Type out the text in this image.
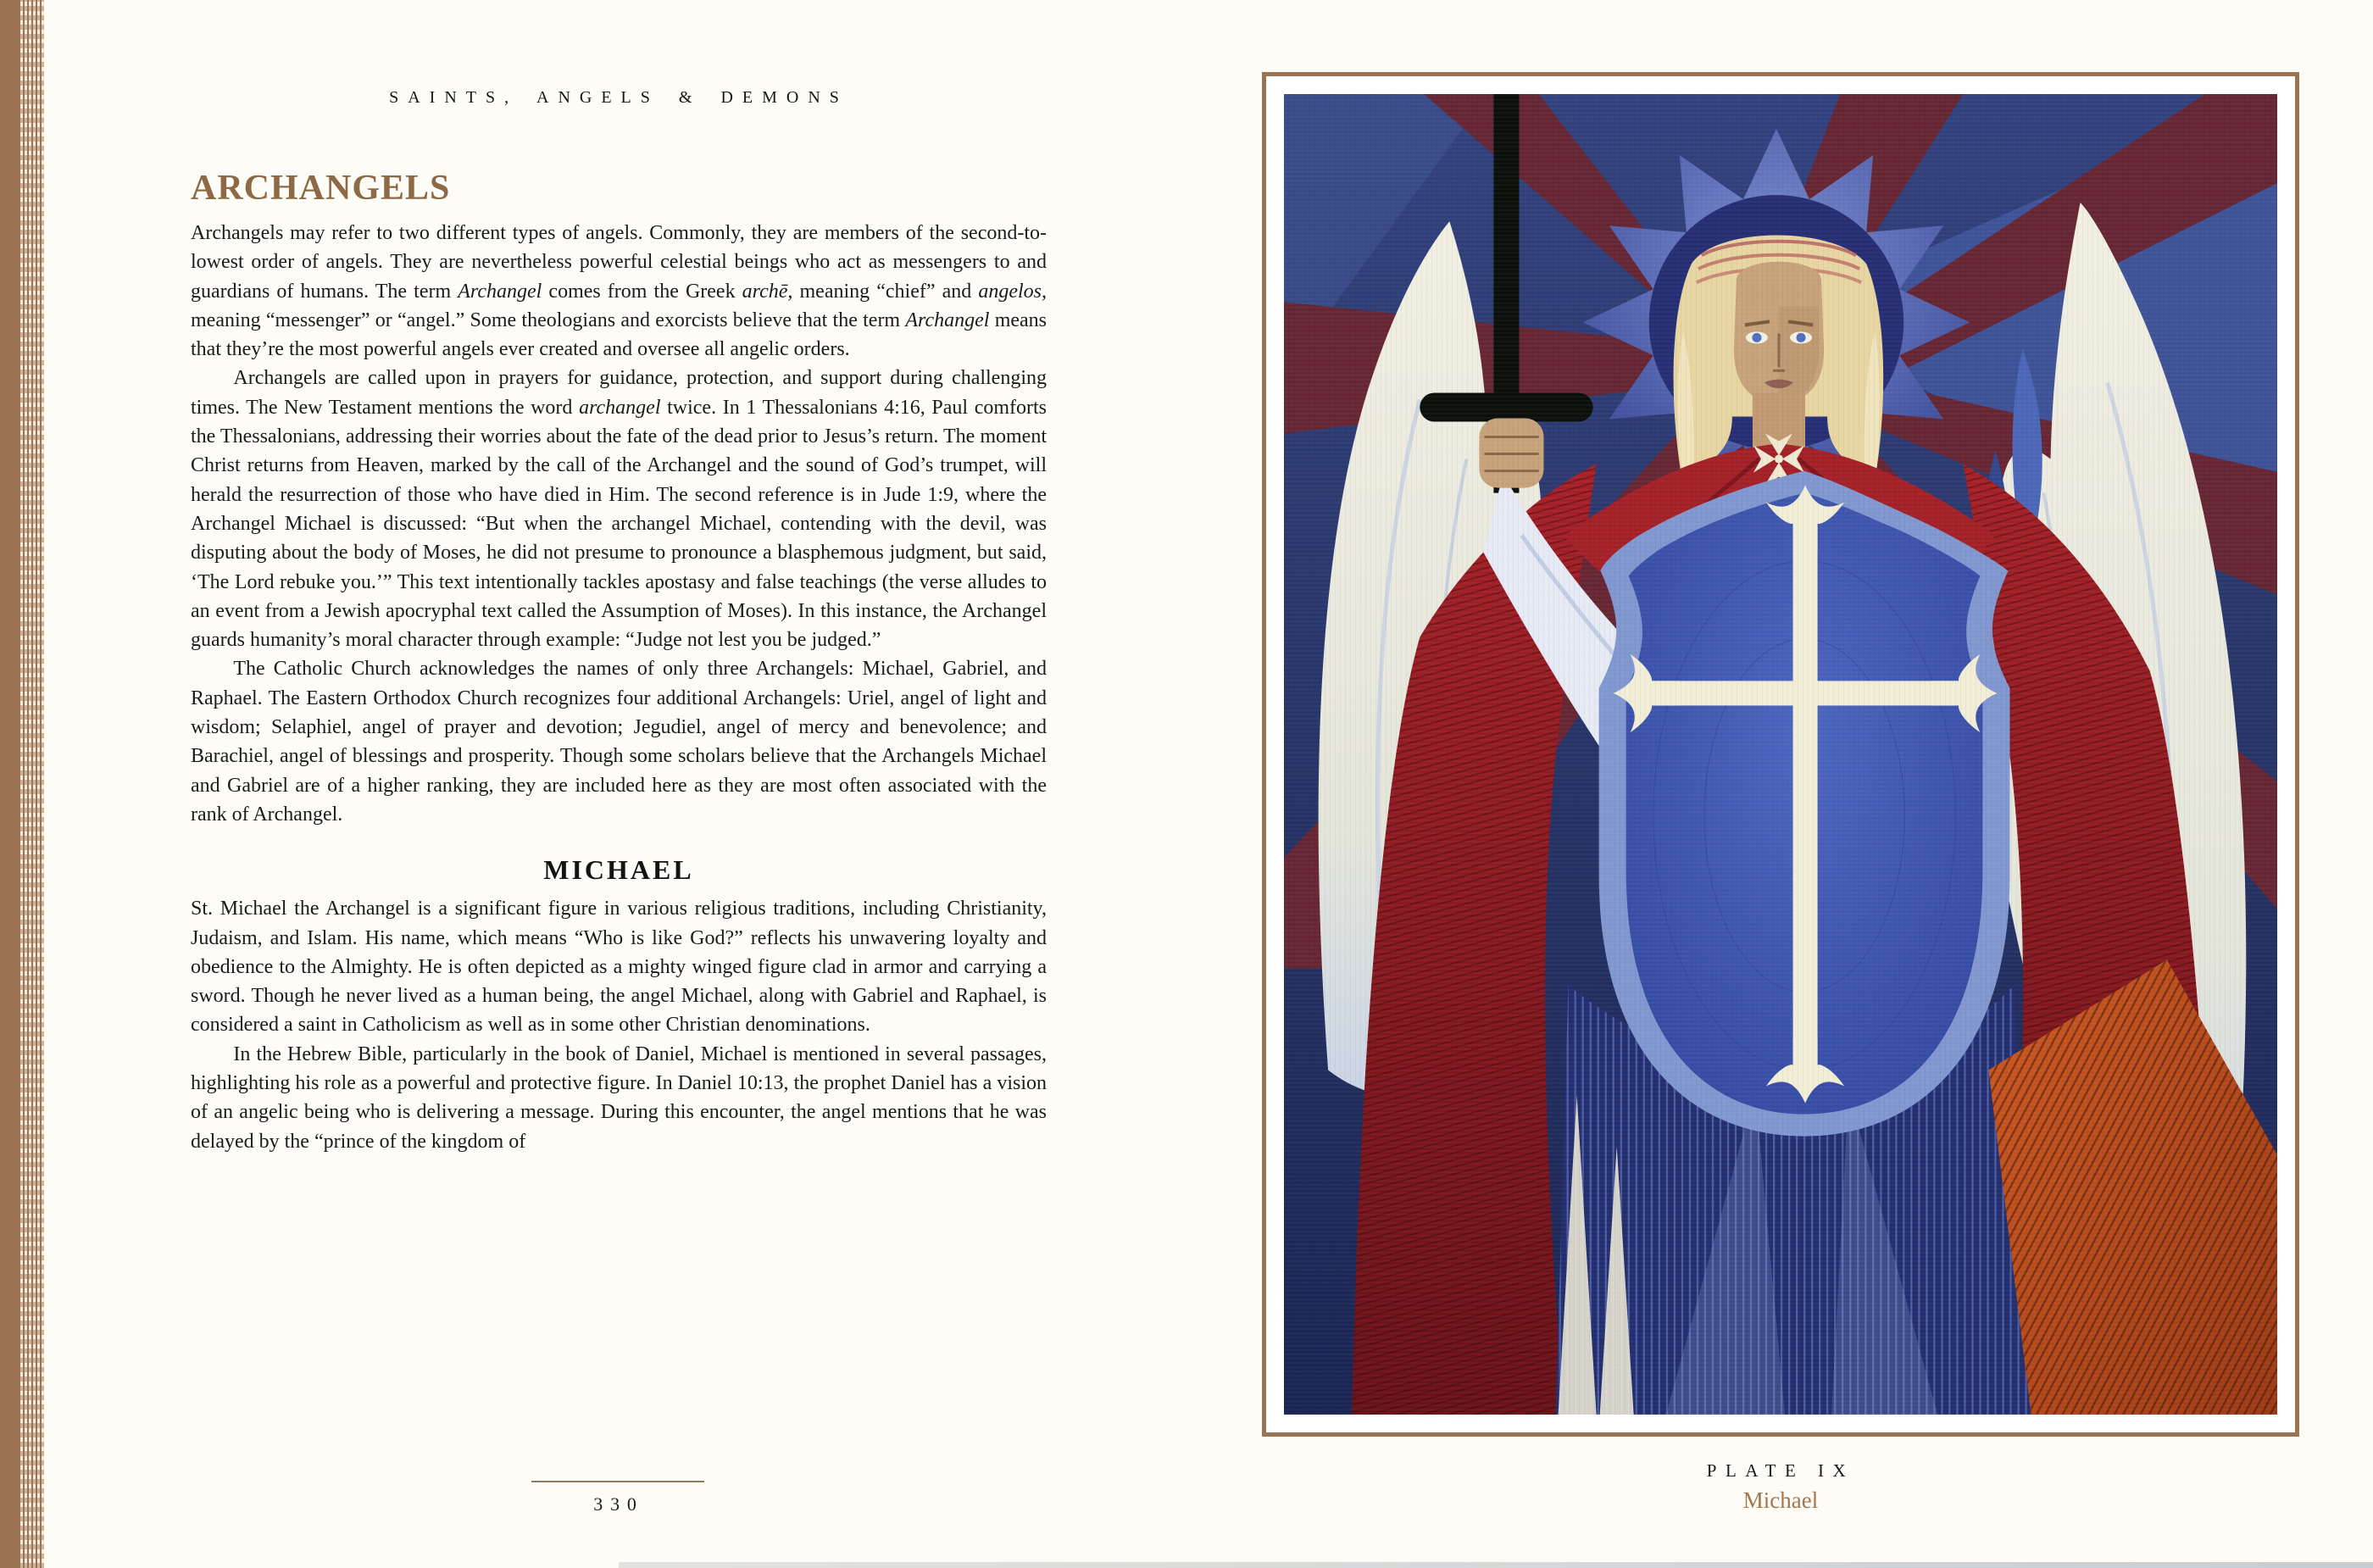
SAINTS, ANGELS & DEMONS
ARCHANGELS

Archangels may refer to two different types of angels. Commonly, they are members of the second-to-lowest order of angels. They are nevertheless powerful celestial beings who act as messengers to and guardians of humans. The term Archangel comes from the Greek archē, meaning “chief” and angelos, meaning “messenger” or “angel.” Some theologians and exorcists believe that the term Archangel means that they’re the most powerful angels ever created and oversee all angelic orders.

Archangels are called upon in prayers for guidance, protection, and support during challenging times. The New Testament mentions the word archangel twice. In 1 Thessalonians 4:16, Paul comforts the Thessalonians, addressing their worries about the fate of the dead prior to Jesus’s return. The moment Christ returns from Heaven, marked by the call of the Archangel and the sound of God’s trumpet, will herald the resurrection of those who have died in Him. The second reference is in Jude 1:9, where the Archangel Michael is discussed: “But when the archangel Michael, contending with the devil, was disputing about the body of Moses, he did not presume to pronounce a blasphemous judgment, but said, ‘The Lord rebuke you.’” This text intentionally tackles apostasy and false teachings (the verse alludes to an event from a Jewish apocryphal text called the Assumption of Moses). In this instance, the Archangel guards humanity’s moral character through example: “Judge not lest you be judged.”

The Catholic Church acknowledges the names of only three Archangels: Michael, Gabriel, and Raphael. The Eastern Orthodox Church recognizes four additional Archangels: Uriel, angel of light and wisdom; Selaphiel, angel of prayer and devotion; Jegudiel, angel of mercy and benevolence; and Barachiel, angel of blessings and prosperity. Though some scholars believe that the Archangels Michael and Gabriel are of a higher ranking, they are included here as they are most often associated with the rank of Archangel.

MICHAEL

St. Michael the Archangel is a significant figure in various religious traditions, including Christianity, Judaism, and Islam. His name, which means “Who is like God?” reflects his unwavering loyalty and obedience to the Almighty. He is often depicted as a mighty winged figure clad in armor and carrying a sword. Though he never lived as a human being, the angel Michael, along with Gabriel and Raphael, is considered a saint in Catholicism as well as in some other Christian denominations.

In the Hebrew Bible, particularly in the book of Daniel, Michael is mentioned in several passages, highlighting his role as a powerful and protective figure. In Daniel 10:13, the prophet Daniel has a vision of an angelic being who is delivering a message. During this encounter, the angel mentions that he was delayed by the “prince of the kingdom of

330
PLATE IX
Michael
